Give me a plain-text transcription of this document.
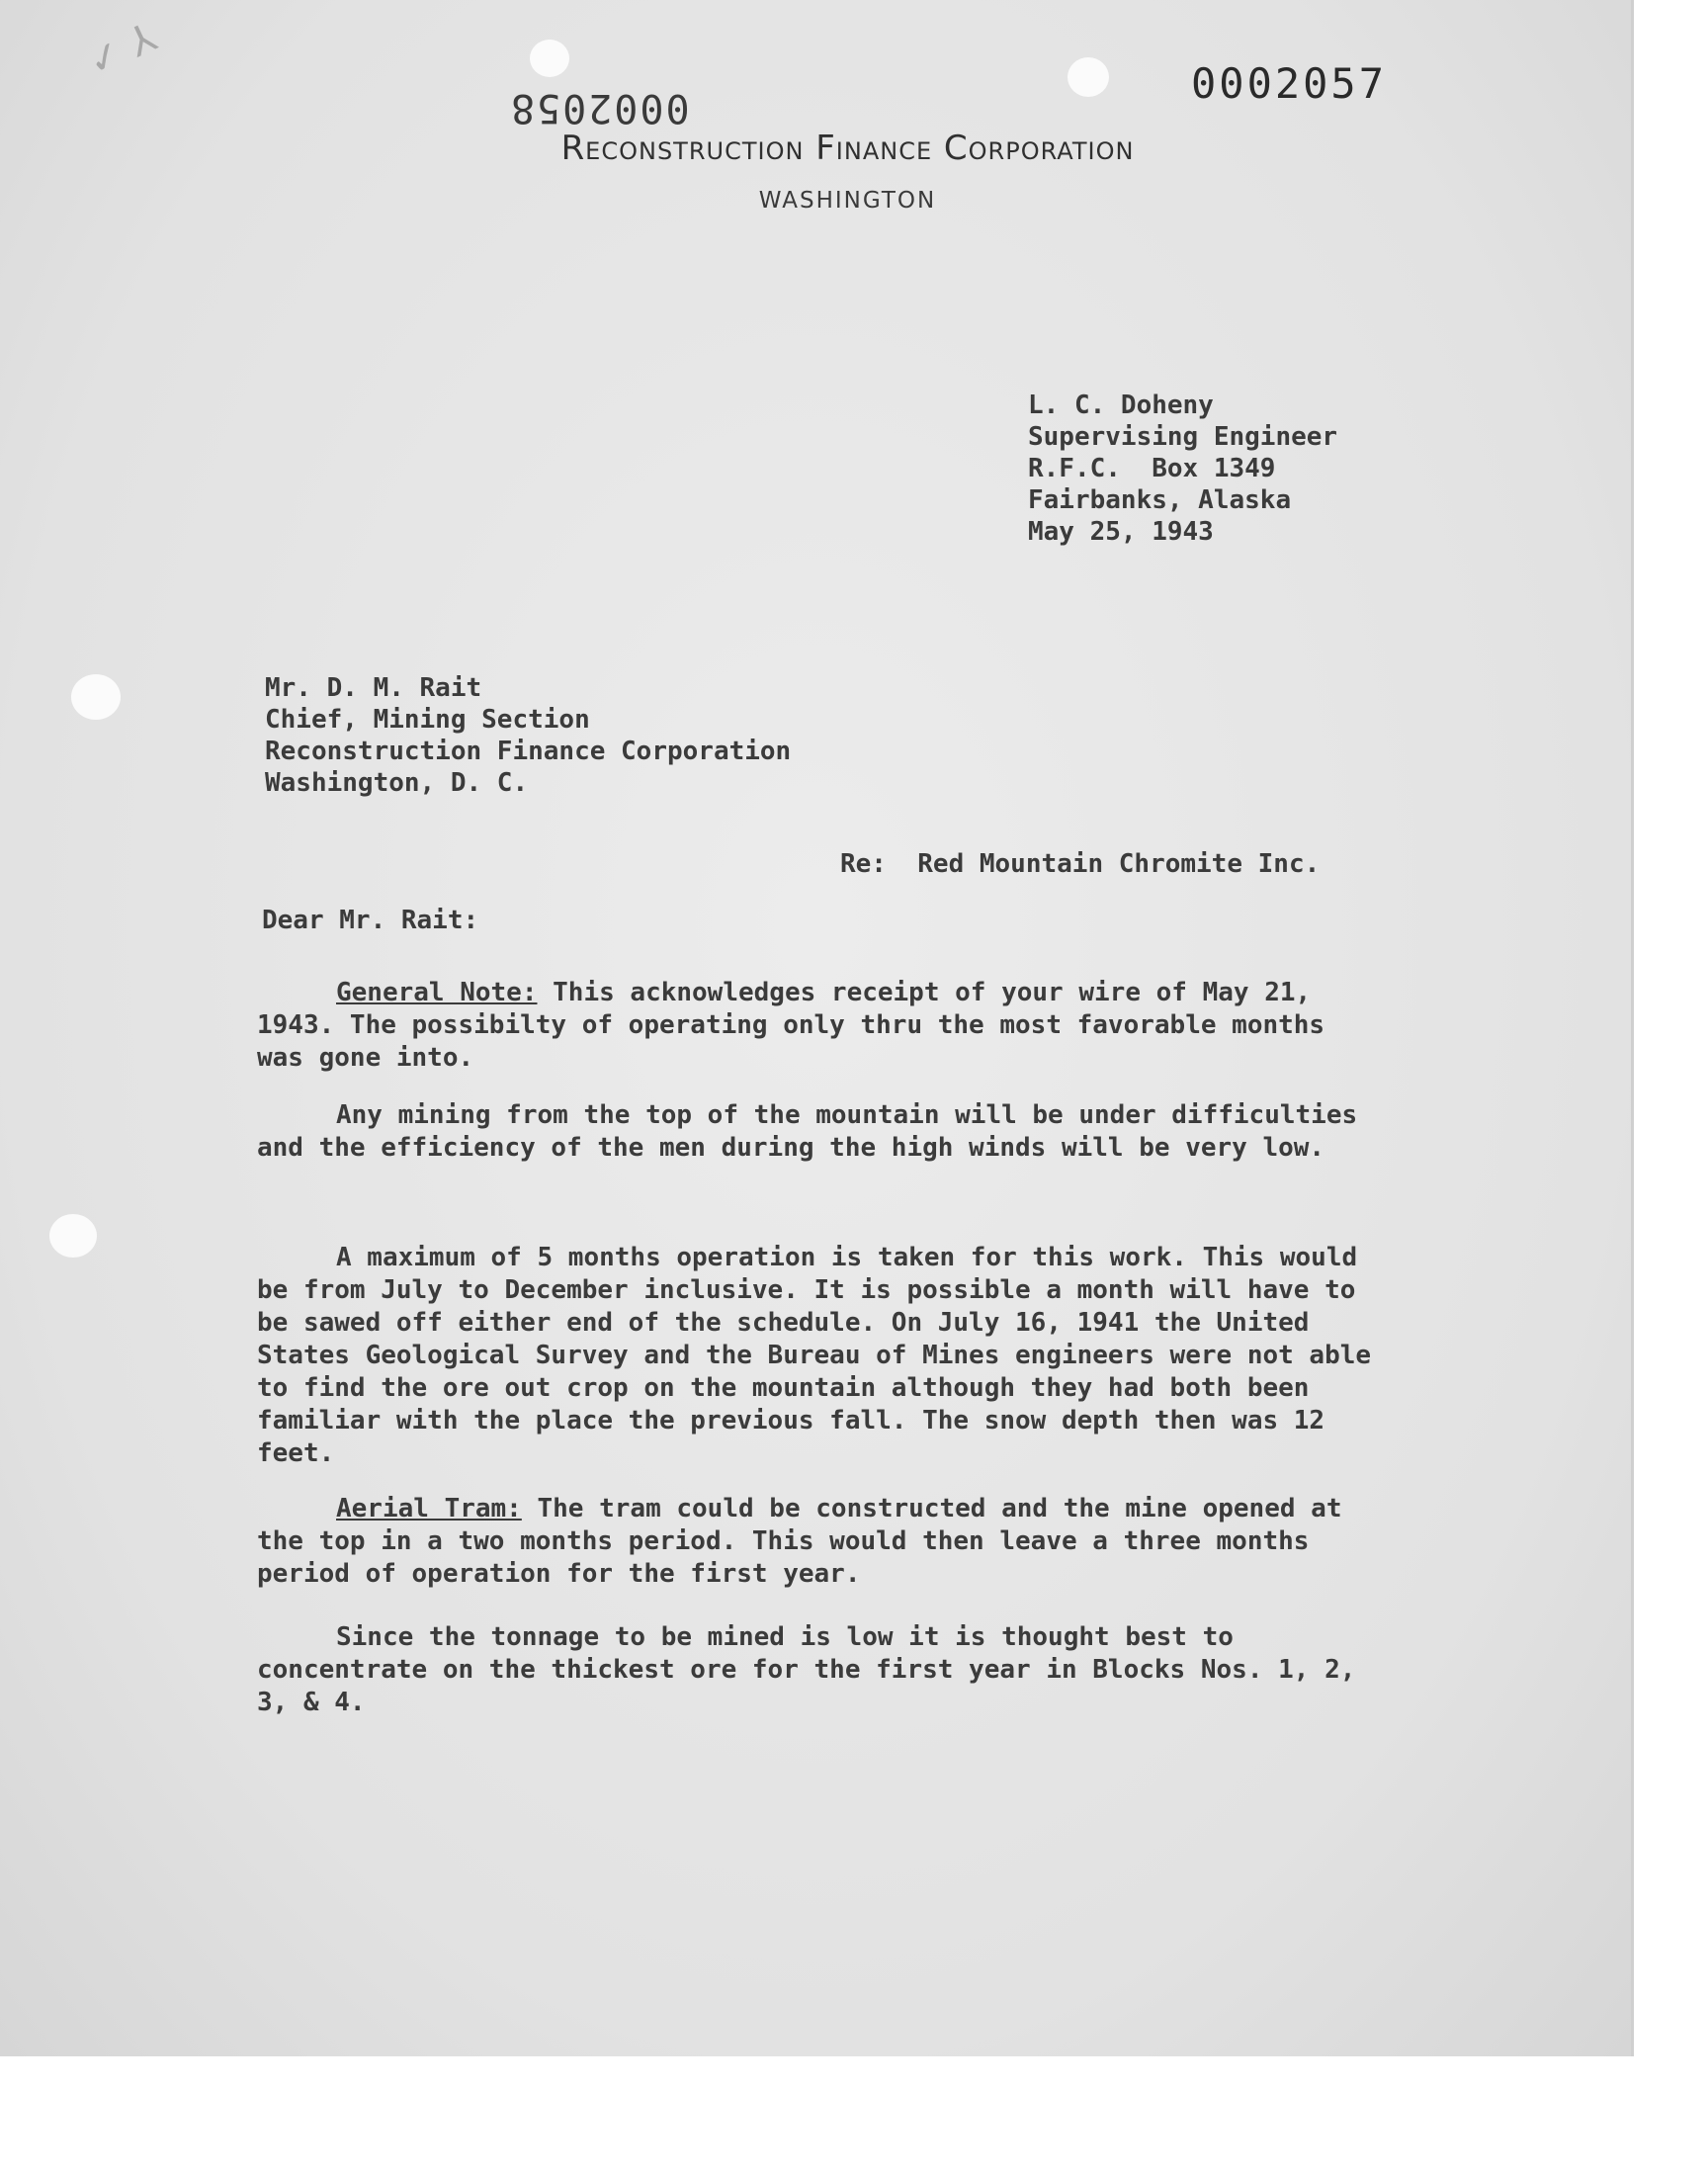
✓ ⅄	0002057
0002058
Reconstruction Finance Corporation
WASHINGTON
L. C. Doheny
Supervising Engineer
R.F.C.  Box 1349
Fairbanks, Alaska
May 25, 1943
Mr. D. M. Rait
Chief, Mining Section
Reconstruction Finance Corporation
Washington, D. C.
Re:  Red Mountain Chromite Inc.
Dear Mr. Rait:
General Note: This acknowledges receipt of your wire of May 21, 1943. The possibilty of operating only thru the most favorable months was gone into.
Any mining from the top of the mountain will be under difficulties and the efficiency of the men during the high winds will be very low.
A maximum of 5 months operation is taken for this work. This would be from July to December inclusive. It is possible a month will have to be sawed off either end of the schedule. On July 16, 1941 the United States Geological Survey and the Bureau of Mines engineers were not able to find the ore out crop on the mountain although they had both been familiar with the place the previous fall. The snow depth then was 12 feet.
Aerial Tram: The tram could be constructed and the mine opened at the top in a two months period. This would then leave a three months period of operation for the first year.
Since the tonnage to be mined is low it is thought best to concentrate on the thickest ore for the first year in Blocks Nos. 1, 2, 3, & 4.
